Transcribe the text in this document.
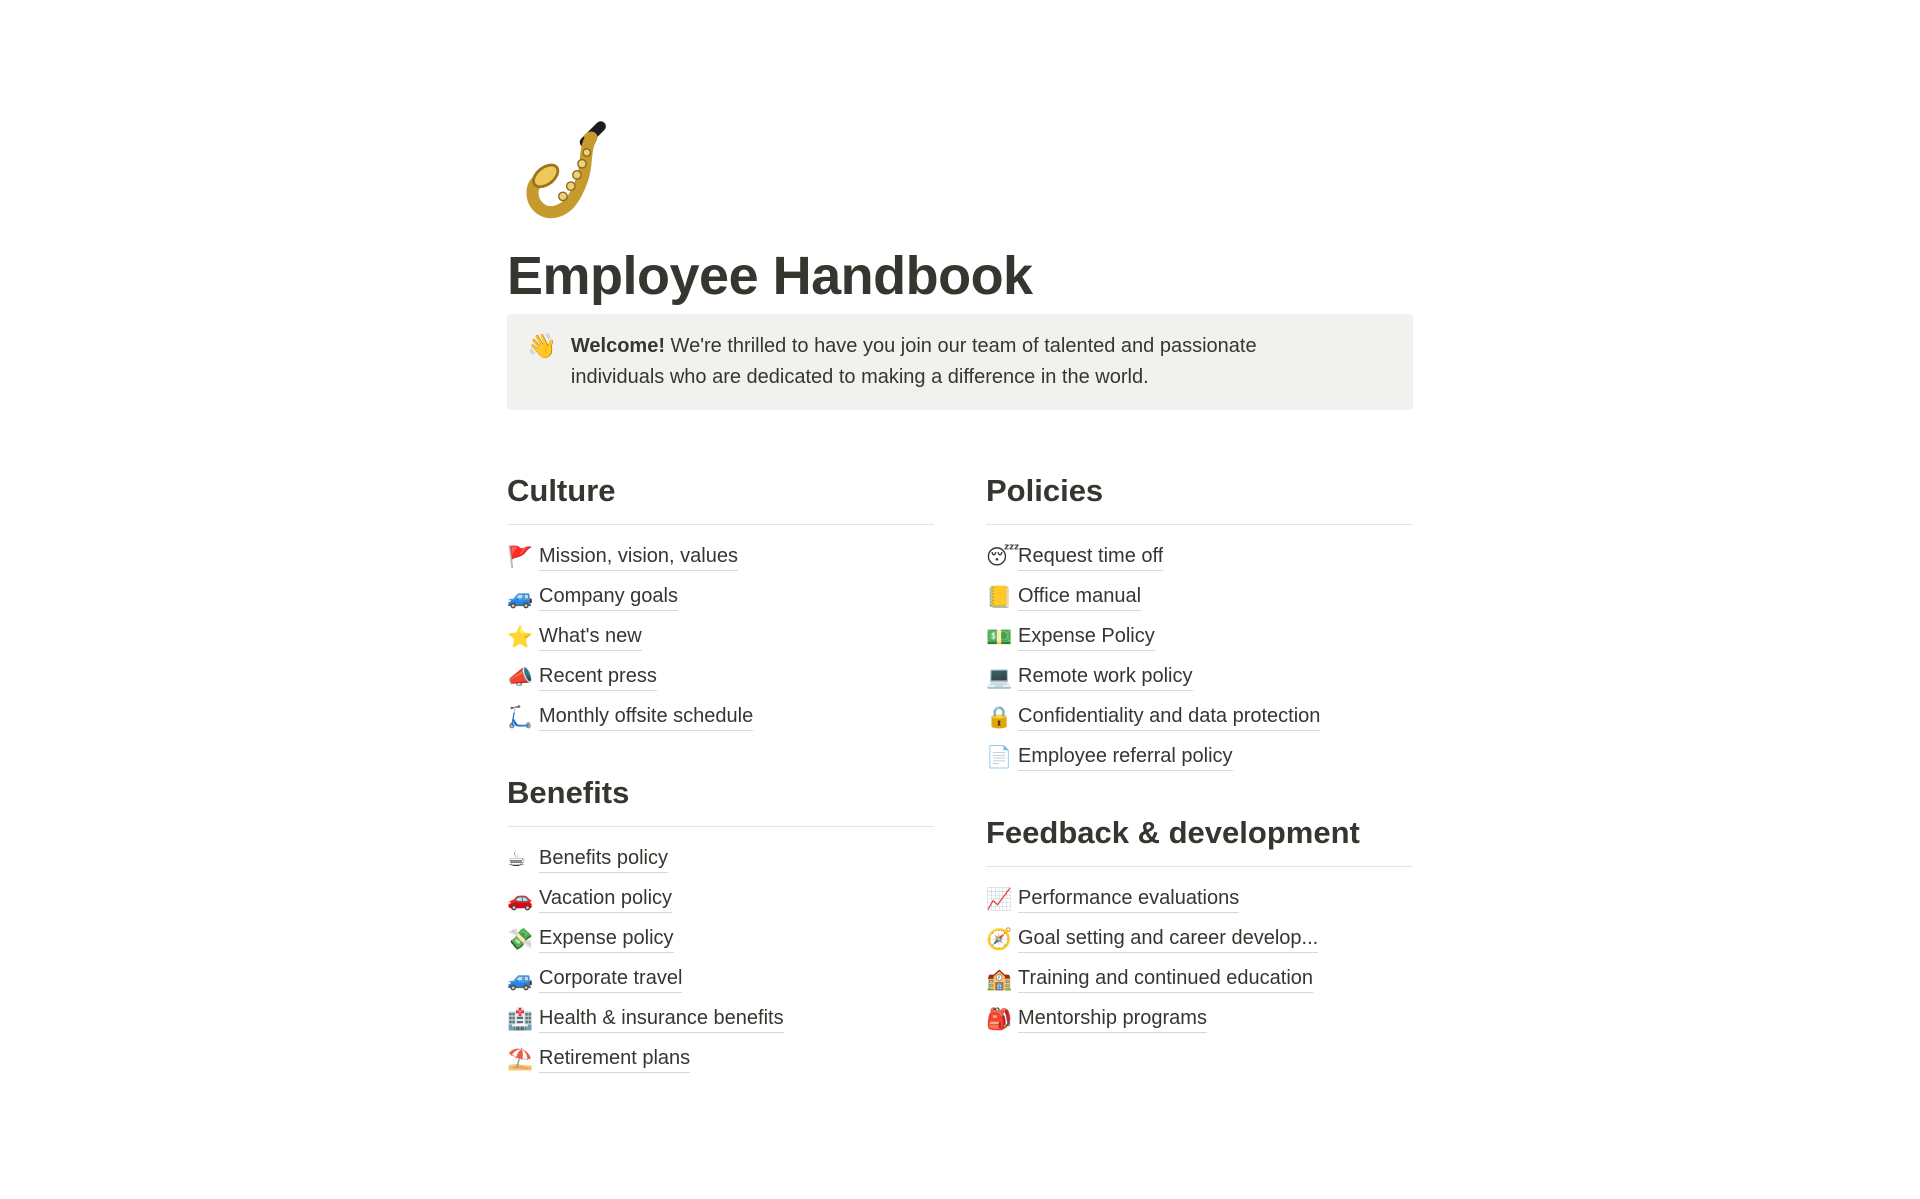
Employee Handbook
👋 Welcome! We're thrilled to have you join our team of talented and passionate individuals who are dedicated to making a difference in the world.

Culture
🚩 Mission, vision, values
🚙 Company goals
⭐ What's new
📣 Recent press
🛴 Monthly offsite schedule
Benefits
☕ Benefits policy
🚗 Vacation policy
💸 Expense policy
🚙 Corporate travel
🏥 Health & insurance benefits
⛱️ Retirement plans
Policies
😴
Request time off
📒 Office manual
💵 Expense Policy
💻 Remote work policy
🔒 Confidentiality and data protection
📄 Employee referral policy
Feedback & development
📈 Performance evaluations
🧭 Goal setting and career develop...
🏫 Training and continued education
🎒 Mentorship programs
